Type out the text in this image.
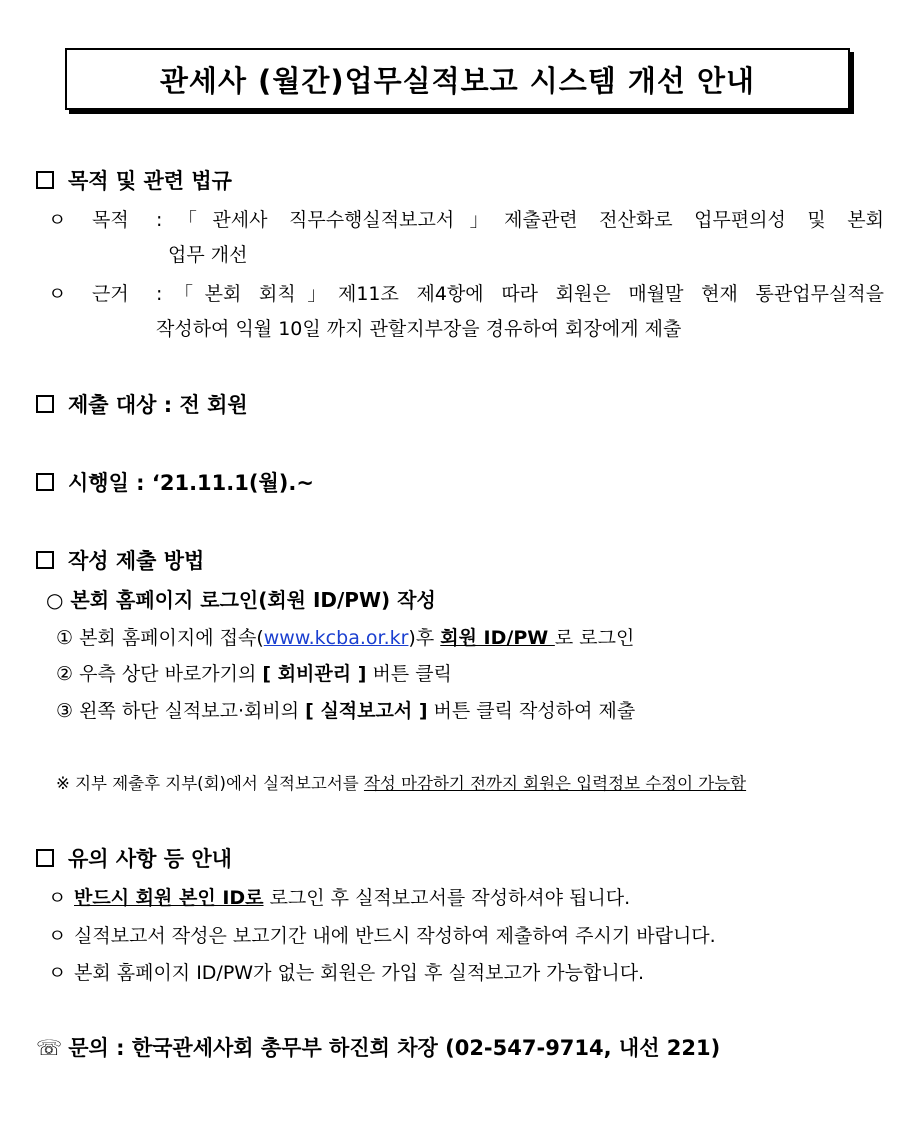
관세사 (월간)업무실적보고 시스템 개선 안내
목적 및 관련 법규
ㅇ 목적	:「관세사 직무수행실적보고서」제출관련 전산화로 업무편의성 및 본회
업무 개선
ㅇ 근거	:「본회 회칙」제11조 제4항에 따라 회원은 매월말 현재 통관업무실적을
작성하여 익월 10일 까지 관할지부장을 경유하여 회장에게 제출
제출 대상 : 전 회원
시행일 : ‘21.11.1(월).~
작성 제출 방법
○ 본회 홈페이지 로그인(회원 ID/PW) 작성
① 본회 홈페이지에 접속(www.kcba.or.kr)후 회원 ID/PW 로 로그인
② 우측 상단 바로가기의 [ 회비관리 ] 버튼 클릭
③ 왼쪽 하단 실적보고·회비의 [ 실적보고서 ] 버튼 클릭 작성하여 제출
※ 지부 제출후 지부(회)에서 실적보고서를 작성 마감하기 전까지 회원은 입력정보 수정이 가능함
유의 사항 등 안내
ㅇ 반드시 회원 본인 ID로 로그인 후 실적보고서를 작성하셔야 됩니다.
ㅇ 실적보고서 작성은 보고기간 내에 반드시 작성하여 제출하여 주시기 바랍니다.
ㅇ 본회 홈페이지 ID/PW가 없는 회원은 가입 후 실적보고가 가능합니다.
☏ 문의 : 한국관세사회 총무부 하진희 차장 (02-547-9714, 내선 221)
